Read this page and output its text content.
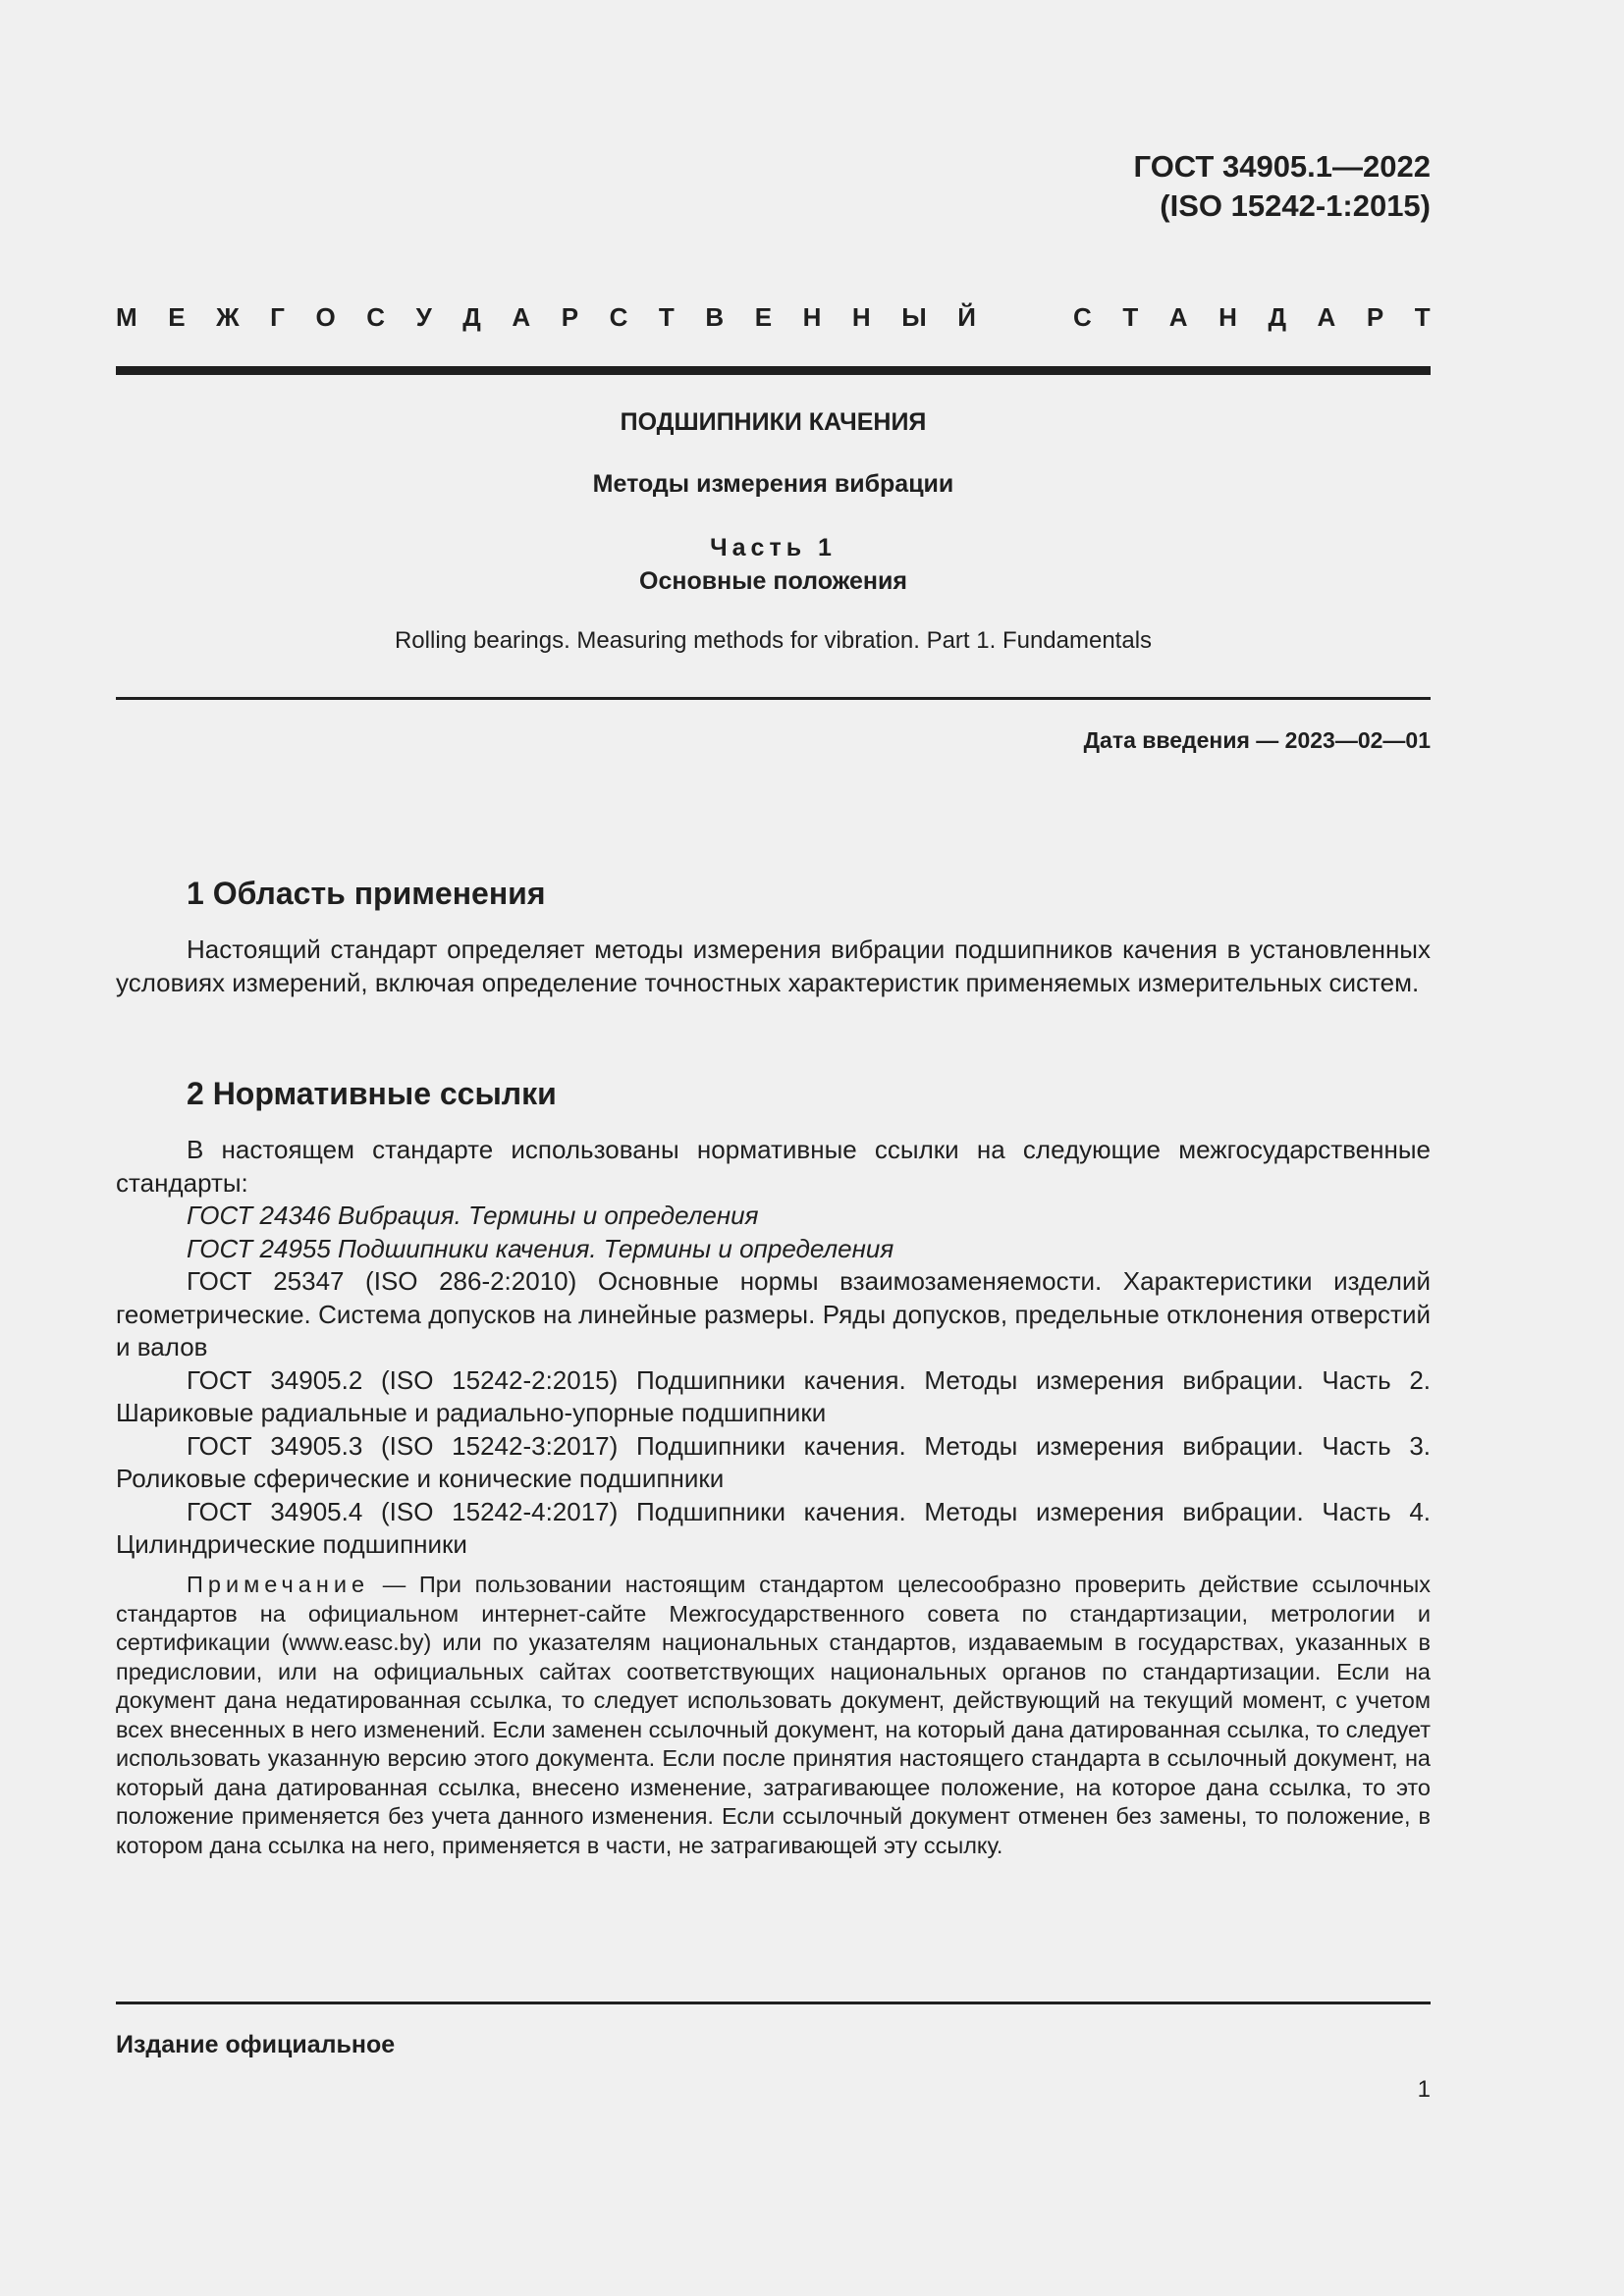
ГОСТ 34905.1—2022
(ISO 15242-1:2015)
М Е Ж Г О С У Д А Р С Т В Е Н Н Ы Й	С Т А Н Д А Р Т
ПОДШИПНИКИ КАЧЕНИЯ
Методы измерения вибрации
Часть 1
Основные положения
Rolling bearings. Measuring methods for vibration. Part 1. Fundamentals
Дата введения — 2023—02—01
1 Область применения

Настоящий стандарт определяет методы измерения вибрации подшипников качения в установленных условиях измерений, включая определение точностных характеристик применяемых измерительных систем.

2 Нормативные ссылки

В настоящем стандарте использованы нормативные ссылки на следующие межгосударственные стандарты:

ГОСТ 24346 Вибрация. Термины и определения

ГОСТ 24955 Подшипники качения. Термины и определения

ГОСТ 25347 (ISO 286-2:2010) Основные нормы взаимозаменяемости. Характеристики изделий геометрические. Система допусков на линейные размеры. Ряды допусков, предельные отклонения отверстий и валов

ГОСТ 34905.2 (ISO 15242-2:2015) Подшипники качения. Методы измерения вибрации. Часть 2. Шариковые радиальные и радиально-упорные подшипники

ГОСТ 34905.3 (ISO 15242-3:2017) Подшипники качения. Методы измерения вибрации. Часть 3. Роликовые сферические и конические подшипники

ГОСТ 34905.4 (ISO 15242-4:2017) Подшипники качения. Методы измерения вибрации. Часть 4. Цилиндрические подшипники

Примечание — При пользовании настоящим стандартом целесообразно проверить действие ссылочных стандартов на официальном интернет-сайте Межгосударственного совета по стандартизации, метрологии и сертификации (www.easc.by) или по указателям национальных стандартов, издаваемым в государствах, указанных в предисловии, или на официальных сайтах соответствующих национальных органов по стандартизации. Если на документ дана недатированная ссылка, то следует использовать документ, действующий на текущий момент, с учетом всех внесенных в него изменений. Если заменен ссылочный документ, на который дана датированная ссылка, то следует использовать указанную версию этого документа. Если после принятия настоящего стандарта в ссылочный документ, на который дана датированная ссылка, внесено изменение, затрагивающее положение, на которое дана ссылка, то это положение применяется без учета данного изменения. Если ссылочный документ отменен без замены, то положение, в котором дана ссылка на него, применяется в части, не затрагивающей эту ссылку.
Издание официальное
1
